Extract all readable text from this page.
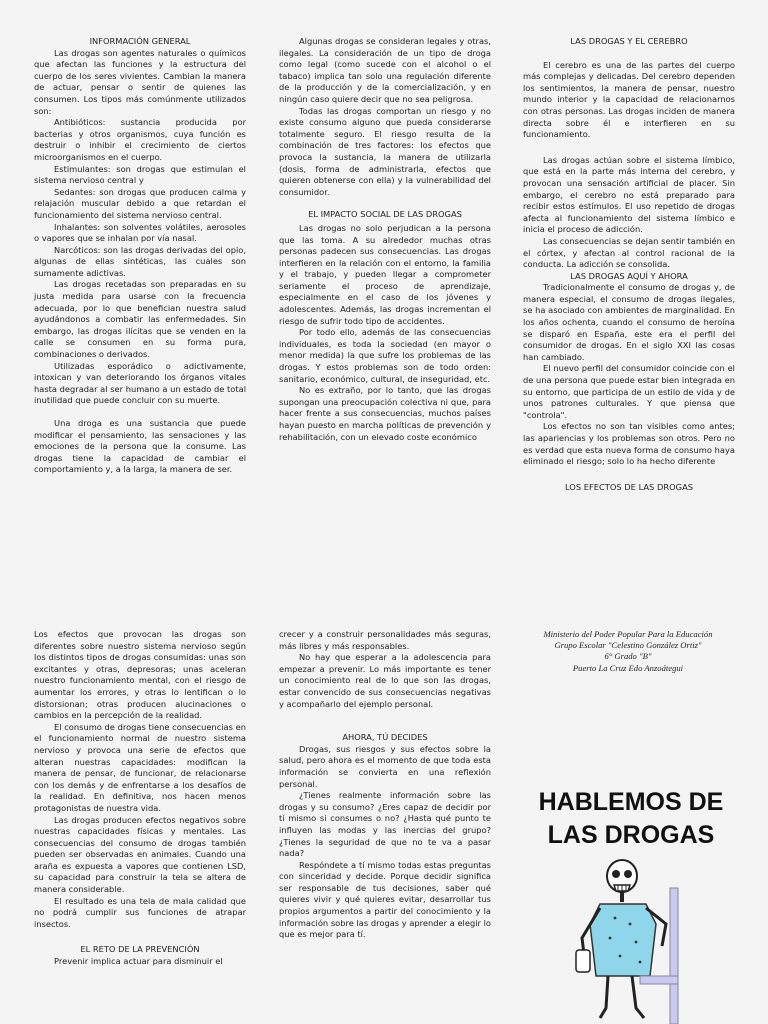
INFORMACIÓN GENERAL

Las drogas son agentes naturales o químicos que afectan las funciones y la estructura del cuerpo de los seres vivientes. Cambian la manera de actuar, pensar o sentir de quienes las consumen. Los tipos más comúnmente utilizados son:

Antibióticos: sustancia producida por bacterias y otros organismos, cuya función es destruir o inhibir el crecimiento de ciertos microorganismos en el cuerpo.

Estimulantes: son drogas que estimulan el sistema nervioso central y

Sedantes: son drogas que producen calma y relajación muscular debido a que retardan el funcionamiento del sistema nervioso central.

Inhalantes: son solventes volátiles, aerosoles o vapores que se inhalan por vía nasal.

Narcóticos: son las drogas derivadas del opio, algunas de ellas sintéticas, las cuales son sumamente adictivas.

Las drogas recetadas son preparadas en su justa medida para usarse con la frecuencia adecuada, por lo que benefician nuestra salud ayudándonos a combatir las enfermedades. Sin embargo, las drogas ilícitas que se venden en la calle se consumen en su forma pura, combinaciones o derivados.

Utilizadas esporádico o adictivamente, intoxican y van deteriorando los órganos vitales hasta degradar al ser humano a un estado de total inutilidad que puede concluir con su muerte.

Una droga es una sustancia que puede modificar el pensamiento, las sensaciones y las emociones de la persona que la consume. Las drogas tiene la capacidad de cambiar el comportamiento y, a la larga, la manera de ser.

Algunas drogas se consideran legales y otras, ilegales. La consideración de un tipo de droga como legal (como sucede con el alcohol o el tabaco) implica tan solo una regulación diferente de la producción y de la comercialización, y en ningún caso quiere decir que no sea peligrosa.

Todas las drogas comportan un riesgo y no existe consumo alguno que pueda considerarse totalmente seguro. El riesgo resulta de la combinación de tres factores: los efectos que provoca la sustancia, la manera de utilizarla (dosis, forma de administrarla, efectos que quieren obtenerse con ella) y la vulnerabilidad del consumidor.

EL IMPACTO SOCIAL DE LAS DROGAS

Las drogas no solo perjudican a la persona que las toma. A su alrededor muchas otras personas padecen sus consecuencias. Las drogas interfieren en la relación con el entorno, la familia y el trabajo, y pueden llegar a comprometer seriamente el proceso de aprendizaje, especialmente en el caso de los jóvenes y adolescentes. Además, las drogas incrementan el riesgo de sufrir todo tipo de accidentes.

Por todo ello, además de las consecuencias individuales, es toda la sociedad (en mayor o menor medida) la que sufre los problemas de las drogas. Y estos problemas son de todo orden: sanitario, económico, cultural, de inseguridad, etc.

No es extraño, por lo tanto, que las drogas supongan una preocupación colectiva ni que, para hacer frente a sus consecuencias, muchos países hayan puesto en marcha políticas de prevención y rehabilitación, con un elevado coste económico

LAS DROGAS Y EL CEREBRO

El cerebro es una de las partes del cuerpo más complejas y delicadas. Del cerebro dependen los sentimientos, la manera de pensar, nuestro mundo interior y la capacidad de relacionarnos con otras personas. Las drogas inciden de manera directa sobre él e interfieren en su funcionamiento.

Las drogas actúan sobre el sistema límbico, que está en la parte más interna del cerebro, y provocan una sensación artificial de placer. Sin embargo, el cerebro no está preparado para recibir estos estímulos. El uso repetido de drogas afecta al funcionamiento del sistema límbico e inicia el proceso de adicción.

Las consecuencias se dejan sentir también en el córtex, y afectan al control racional de la conducta. La adicción se consolida.

LAS DROGAS AQUÍ Y AHORA

Tradicionalmente el consumo de drogas y, de manera especial, el consumo de drogas ilegales, se ha asociado con ambientes de marginalidad. En los años ochenta, cuando el consumo de heroína se disparó en España, este era el perfil del consumidor de drogas. En el siglo XXI las cosas han cambiado.

El nuevo perfil del consumidor coincide con el de una persona que puede estar bien integrada en su entorno, que participa de un estilo de vida y de unos patrones culturales. Y que piensa que "controla".

Los efectos no son tan visibles como antes; las apariencias y los problemas son otros. Pero no es verdad que esta nueva forma de consumo haya eliminado el riesgo; solo lo ha hecho diferente

LOS EFECTOS DE LAS DROGAS

Los efectos que provocan las drogas son diferentes sobre nuestro sistema nervioso según los distintos tipos de drogas consumidas: unas son excitantes y otras, depresoras; unas aceleran nuestro funcionamiento mental, con el riesgo de aumentar los errores, y otras lo lentifican o lo distorsionan; otras producen alucinaciones o cambios en la percepción de la realidad.

El consumo de drogas tiene consecuencias en el funcionamiento normal de nuestro sistema nervioso y provoca una serie de efectos que alteran nuestras capacidades: modifican la manera de pensar, de funcionar, de relacionarse con los demás y de enfrentarse a los desafíos de la realidad. En definitiva, nos hacen menos protagonistas de nuestra vida.

Las drogas producen efectos negativos sobre nuestras capacidades físicas y mentales. Las consecuencias del consumo de drogas también pueden ser observadas en animales. Cuando una araña es expuesta a vapores que contienen LSD, su capacidad para construir la tela se altera de manera considerable.

El resultado es una tela de mala calidad que no podrá cumplir sus funciones de atrapar insectos.

EL RETO DE LA PREVENCIÓN

Prevenir implica actuar para disminuir el

crecer y a construir personalidades más seguras, más libres y más responsables.

No hay que esperar a la adolescencia para empezar a prevenir. Lo más importante es tener un conocimiento real de lo que son las drogas, estar convencido de sus consecuencias negativas y acompañarlo del ejemplo personal.

AHORA, TÚ DECIDES

Drogas, sus riesgos y sus efectos sobre la salud, pero ahora es el momento de que toda esta información se convierta en una reflexión personal.

¿Tienes realmente información sobre las drogas y su consumo? ¿Eres capaz de decidir por tí mismo si consumes o no? ¿Hasta qué punto te influyen las modas y las inercias del grupo? ¿Tienes la seguridad de que no te va a pasar nada?

Respóndete a tí mismo todas estas preguntas con sinceridad y decide. Porque decidir significa ser responsable de tus decisiones, saber qué quieres vivir y qué quieres evitar, desarrollar tus propios argumentos a partir del conocimiento y la información sobre las drogas y aprender a elegir lo que es mejor para tí.

Ministerio del Poder Popular Para la Educación
Grupo Escolar "Celestino González Ortiz"
6° Grado "B"
Puerto La Cruz Edo Anzoátegui
HABLEMOS DE
LAS DROGAS
